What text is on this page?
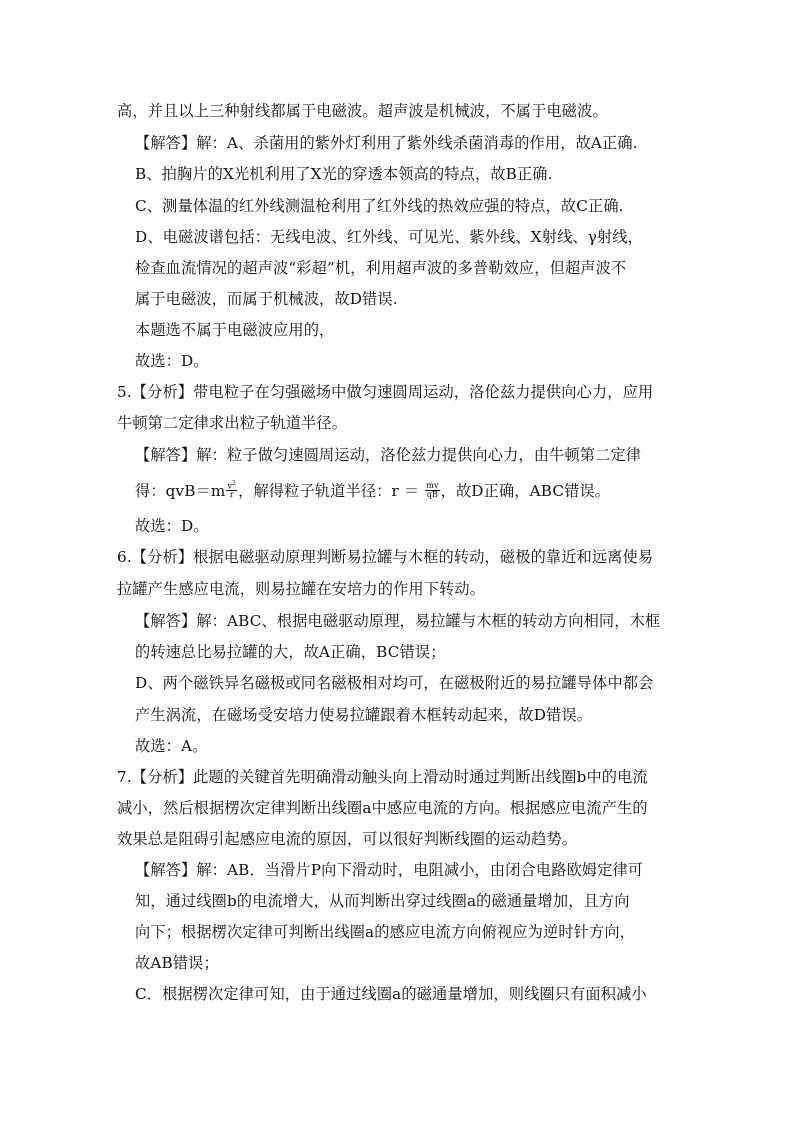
高，并且以上三种射线都属于电磁波。超声波是机械波，不属于电磁波。
【解答】解：A、杀菌用的紫外灯利用了紫外线杀菌消毒的作用，故A正确.
B、拍胸片的X光机利用了X光的穿透本领高的特点，故B正确.
C、测量体温的红外线测温枪利用了红外线的热效应强的特点，故C正确.
D、电磁波谱包括：无线电波、红外线、可见光、紫外线、X射线、γ射线，
检查血流情况的超声波“彩超”机，利用超声波的多普勒效应，但超声波不
属于电磁波，而属于机械波，故D错误.
本题选不属于电磁波应用的，
故选：D。
5.【分析】带电粒子在匀强磁场中做匀速圆周运动，洛伦兹力提供向心力，应用
牛顿第二定律求出粒子轨道半径。
【解答】解：粒子做匀速圆周运动，洛伦兹力提供向心力，由牛顿第二定律
得：$qvB=m \frac{v^2}{r}$ ，解得粒子轨道半径：$r = \frac{mv}{qB}$ ，故D正确，ABC错误。
故选：D。
6.【分析】根据电磁驱动原理判断易拉罐与木框的转动，磁极的靠近和远离使易
拉罐产生感应电流，则易拉罐在安培力的作用下转动。
【解答】解：ABC、根据电磁驱动原理，易拉罐与木框的转动方向相同，木框
的转速总比易拉罐的大，故A正确，BC错误；
D、两个磁铁异名磁极或同名磁极相对均可，在磁极附近的易拉罐导体中都会
产生涡流，在磁场受安培力使易拉罐跟着木框转动起来，故D错误。
故选：A。
7.【分析】此题的关键首先明确滑动触头向上滑动时通过判断出线圈b中的电流
减小，然后根据楞次定律判断出线圈a中感应电流的方向。根据感应电流产生的
效果总是阻碍引起感应电流的原因，可以很好判断线圈的运动趋势。
【解答】解：AB．当滑片P向下滑动时，电阻减小，由闭合电路欧姆定律可
知，通过线圈b的电流增大，从而判断出穿过线圈a的磁通量增加，且方向
向下；根据楞次定律可判断出线圈a的感应电流方向俯视应为逆时针方向，
故AB错误；
C．根据楞次定律可知，由于通过线圈a的磁通量增加，则线圈只有面积减小
